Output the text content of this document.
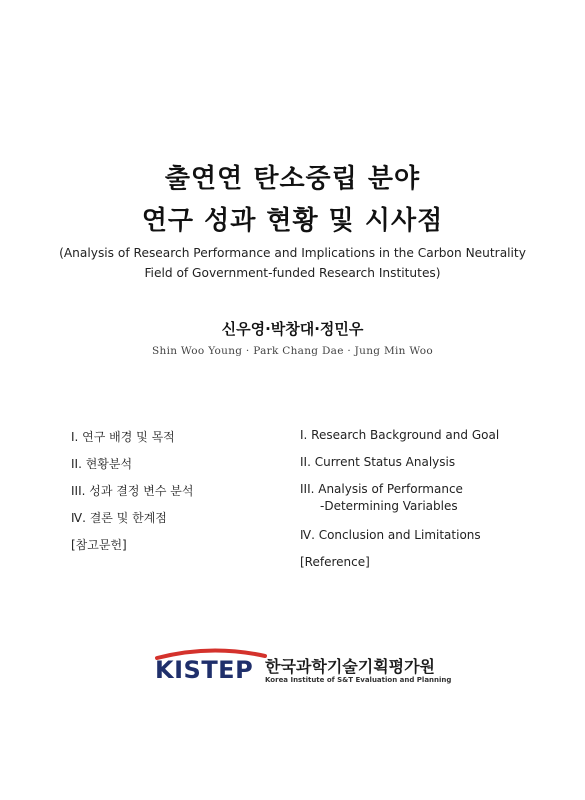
출연연 탄소중립 분야
연구 성과 현황 및 시사점
(Analysis of Research Performance and Implications in the Carbon Neutrality
Field of Government-funded Research Institutes)
신우영·박창대·정민우
Shin Woo Young · Park Chang Dae · Jung Min Woo
I. 연구 배경 및 목적
II. 현황분석
III. 성과 결정 변수 분석
Ⅳ. 결론 및 한계점
[참고문헌]
I. Research Background and Goal
II. Current Status Analysis
III. Analysis of Performance
-Determining Variables
Ⅳ. Conclusion and Limitations
[Reference]
KISTEP 한국과학기술기획평가원
Korea Institute of S&T Evaluation and Planning
